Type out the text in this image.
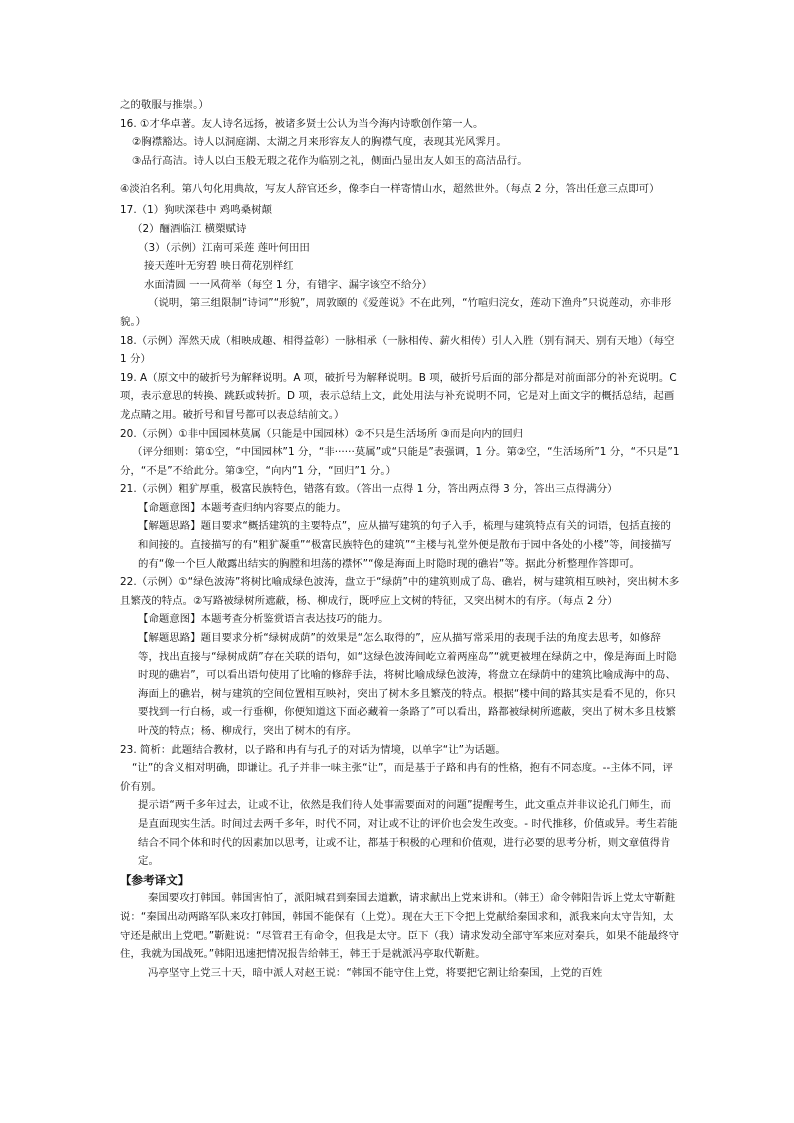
之的敬服与推崇。）
16. ①才华卓著。友人诗名远扬，被诸多贤士公认为当今海内诗歌创作第一人。
②胸襟豁达。诗人以洞庭湖、太湖之月来形容友人的胸襟气度，表现其光风霁月。
③品行高洁。诗人以白玉般无瑕之花作为临别之礼，侧面凸显出友人如玉的高洁品行。
④淡泊名利。第八句化用典故，写友人辞官还乡，像李白一样寄情山水，超然世外。（每点 2 分，答出任意三点即可）
17.（1）狗吠深巷中 鸡鸣桑树颠
（2）酾酒临江 横槊赋诗
（3）（示例）江南可采莲 莲叶何田田
接天莲叶无穷碧 映日荷花别样红
水面清圆 一一风荷举（每空 1 分，有错字、漏字该空不给分）
（说明，第三组限制“诗词”“形貌”，周敦颐的《爱莲说》不在此列，“竹喧归浣女，莲动下渔舟”只说莲动，亦非形貌。）
18.（示例）浑然天成（相映成趣、相得益彰）一脉相承（一脉相传、薪火相传）引人入胜（别有洞天、别有天地）（每空 1 分）
19. A（原文中的破折号为解释说明。A 项，破折号为解释说明。B 项，破折号后面的部分都是对前面部分的补充说明。C 项，表示意思的转换、跳跃或转折。D 项，表示总结上文，此处用法与补充说明不同，它是对上面文字的概括总结，起画龙点睛之用。破折号和冒号都可以表总结前文。）
20.（示例）①非中国园林莫属（只能是中国园林）②不只是生活场所 ③而是向内的回归
（评分细则：第①空，“中国园林”1 分，“非······莫属”或“只能是”表强调，1 分。第②空，“生活场所”1 分，“不只是”1 分，“不是”不给此分。第③空，“向内”1 分，“回归”1 分。）
21.（示例）粗犷厚重，极富民族特色，错落有致。（答出一点得 1 分，答出两点得 3 分，答出三点得满分）
【命题意图】本题考查归纳内容要点的能力。
【解题思路】题目要求“概括建筑的主要特点”，应从描写建筑的句子入手，梳理与建筑特点有关的词语，包括直接的和间接的。直接描写的有“粗犷凝重”“极富民族特色的建筑”“主楼与礼堂外便是散布于园中各处的小楼”等，间接描写的有“像一个巨人敞露出结实的胸膛和坦荡的襟怀”“像是海面上时隐时现的礁岩”等。据此分析整理作答即可。
22.（示例）①“绿色波涛”将树比喻成绿色波涛，盘立于“绿荫”中的建筑则成了岛、礁岩，树与建筑相互映衬，突出树木多且繁茂的特点。②写路被绿树所遮蔽，杨、柳成行，既呼应上文树的特征，又突出树木的有序。（每点 2 分）
【命题意图】本题考查分析鉴赏语言表达技巧的能力。
【解题思路】题目要求分析“绿树成荫”的效果是“怎么取得的”，应从描写常采用的表现手法的角度去思考，如修辞等，找出直接与“绿树成荫”存在关联的语句，如“这绿色波涛间屹立着两座岛”“就更被埋在绿荫之中，像是海面上时隐时现的礁岩”，可以看出语句使用了比喻的修辞手法，将树比喻成绿色波涛，将盘立在绿荫中的建筑比喻成海中的岛、海面上的礁岩，树与建筑的空间位置相互映衬，突出了树木多且繁茂的特点。根据“楼中间的路其实是看不见的，你只要找到一行白杨，或一行垂柳，你便知道这下面必藏着一条路了”可以看出，路都被绿树所遮蔽，突出了树木多且枝繁叶茂的特点；杨、柳成行，突出了树木的有序。
23. 简析：此题结合教材，以子路和冉有与孔子的对话为情境，以单字“让”为话题。
“让”的含义相对明确，即谦让。孔子并非一味主张“让”，而是基于子路和冉有的性格，抱有不同态度。--主体不同，评价有别。
提示语“两千多年过去，让或不让，依然是我们待人处事需要面对的问题”提醒考生，此文重点并非议论孔门师生，而是直面现实生活。时间过去两千多年，时代不同，对让或不让的评价也会发生改变。- 时代推移，价值或异。考生若能结合不同个体和时代的因素加以思考，让或不让，都基于积极的心理和价值观，进行必要的思考分析，则文章值得肯定。
【参考译文】
秦国要攻打韩国。韩国害怕了，派阳城君到秦国去道歉，请求献出上党来讲和。（韩王）命令韩阳告诉上党太守靳黈说：“秦国出动两路军队来攻打韩国，韩国不能保有（上党）。现在大王下令把上党献给秦国求和，派我来向太守告知，太守还是献出上党吧。”靳黈说：“尽管君王有命令，但我是太守。臣下（我）请求发动全部守军来应对秦兵，如果不能最终守住，我就为国战死。”韩阳迅速把情况报告给韩王，韩王于是就派冯亭取代靳黈。
冯亭坚守上党三十天，暗中派人对赵王说：“韩国不能守住上党，将要把它割让给秦国，上党的百姓
